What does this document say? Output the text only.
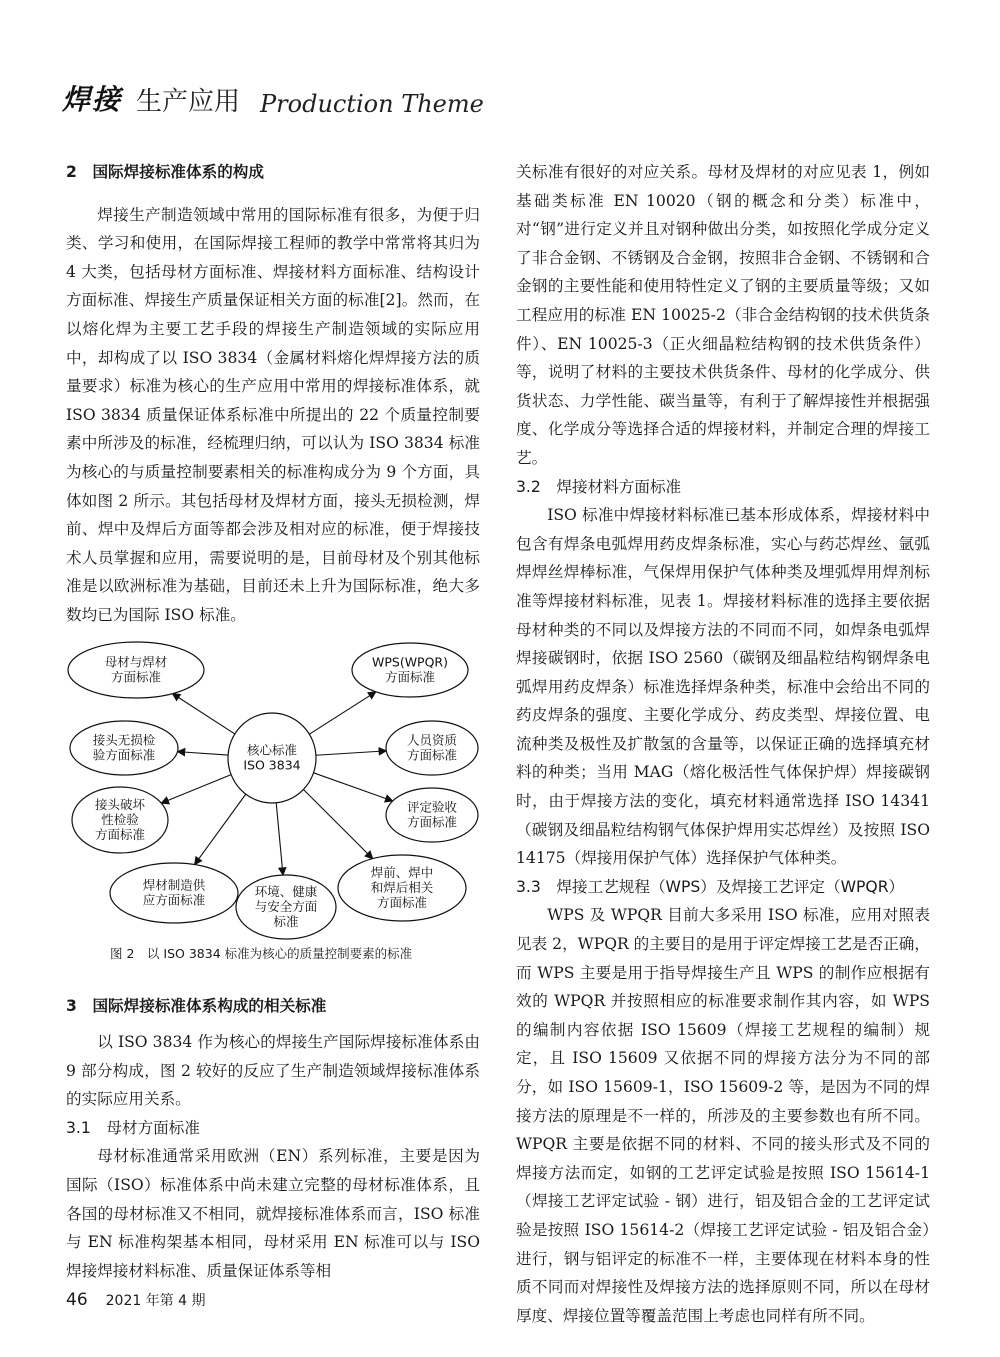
焊接 生产应用 Production Theme

2　国际焊接标准体系的构成

焊接生产制造领域中常用的国际标准有很多，为便于归类、学习和使用，在国际焊接工程师的教学中常常将其归为 4 大类，包括母材方面标准、焊接材料方面标准、结构设计方面标准、焊接生产质量保证相关方面的标准[2]。然而，在以熔化焊为主要工艺手段的焊接生产制造领域的实际应用中，却构成了以 ISO 3834（金属材料熔化焊焊接方法的质量要求）标准为核心的生产应用中常用的焊接标准体系，就 ISO 3834 质量保证体系标准中所提出的 22 个质量控制要素中所涉及的标准，经梳理归纳，可以认为 ISO 3834 标准为核心的与质量控制要素相关的标准构成分为 9 个方面，具体如图 2 所示。其包括母材及焊材方面，接头无损检测，焊前、焊中及焊后方面等都会涉及相对应的标准，便于焊接技术人员掌握和应用，需要说明的是，目前母材及个别其他标准是以欧洲标准为基础，目前还未上升为国际标准，绝大多数均已为国际 ISO 标准。

母材与焊材
方面标准
WPS(WPQR)
方面标准
接头无损检
验方面标准
人员资质
方面标准
接头破坏
性检验
方面标准
评定验收
方面标准
焊材制造供
应方面标准
环境、健康
与安全方面
标准
焊前、焊中
和焊后相关
方面标准
核心标准
ISO 3834

图 2　以 ISO 3834 标准为核心的质量控制要素的标准

3　国际焊接标准体系构成的相关标准

以 ISO 3834 作为核心的焊接生产国际焊接标准体系由 9 部分构成，图 2 较好的反应了生产制造领域焊接标准体系的实际应用关系。

3.1　母材方面标准

母材标准通常采用欧洲（EN）系列标准，主要是因为国际（ISO）标准体系中尚未建立完整的母材标准体系，且各国的母材标准又不相同，就焊接标准体系而言，ISO 标准与 EN 标准构架基本相同，母材采用 EN 标准可以与 ISO 焊接焊接材料标准、质量保证体系等相

关标准有很好的对应关系。母材及焊材的对应见表 1，例如基础类标准 EN 10020（钢的概念和分类）标准中，对“钢”进行定义并且对钢种做出分类，如按照化学成分定义了非合金钢、不锈钢及合金钢，按照非合金钢、不锈钢和合金钢的主要性能和使用特性定义了钢的主要质量等级；又如工程应用的标准 EN 10025-2（非合金结构钢的技术供货条件）、EN 10025-3（正火细晶粒结构钢的技术供货条件）等，说明了材料的主要技术供货条件、母材的化学成分、供货状态、力学性能、碳当量等，有利于了解焊接性并根据强度、化学成分等选择合适的焊接材料，并制定合理的焊接工艺。

3.2　焊接材料方面标准

ISO 标准中焊接材料标准已基本形成体系，焊接材料中包含有焊条电弧焊用药皮焊条标准，实心与药芯焊丝、氩弧焊焊丝焊棒标准，气保焊用保护气体种类及埋弧焊用焊剂标准等焊接材料标准，见表 1。焊接材料标准的选择主要依据母材种类的不同以及焊接方法的不同而不同，如焊条电弧焊焊接碳钢时，依据 ISO 2560（碳钢及细晶粒结构钢焊条电弧焊用药皮焊条）标准选择焊条种类，标准中会给出不同的药皮焊条的强度、主要化学成分、药皮类型、焊接位置、电流种类及极性及扩散氢的含量等，以保证正确的选择填充材料的种类；当用 MAG（熔化极活性气体保护焊）焊接碳钢时，由于焊接方法的变化，填充材料通常选择 ISO 14341（碳钢及细晶粒结构钢气体保护焊用实芯焊丝）及按照 ISO 14175（焊接用保护气体）选择保护气体种类。

3.3　焊接工艺规程（WPS）及焊接工艺评定（WPQR）

WPS 及 WPQR 目前大多采用 ISO 标准，应用对照表见表 2，WPQR 的主要目的是用于评定焊接工艺是否正确，而 WPS 主要是用于指导焊接生产且 WPS 的制作应根据有效的 WPQR 并按照相应的标准要求制作其内容，如 WPS 的编制内容依据 ISO 15609（焊接工艺规程的编制）规定，且 ISO 15609 又依据不同的焊接方法分为不同的部分，如 ISO 15609-1，ISO 15609-2 等，是因为不同的焊接方法的原理是不一样的，所涉及的主要参数也有所不同。WPQR 主要是依据不同的材料、不同的接头形式及不同的焊接方法而定，如钢的工艺评定试验是按照 ISO 15614-1（焊接工艺评定试验 - 钢）进行，铝及铝合金的工艺评定试验是按照 ISO 15614-2（焊接工艺评定试验 - 铝及铝合金）进行，钢与铝评定的标准不一样，主要体现在材料本身的性质不同而对焊接性及焊接方法的选择原则不同，所以在母材厚度、焊接位置等覆盖范围上考虑也同样有所不同。

46 2021 年第 4 期
